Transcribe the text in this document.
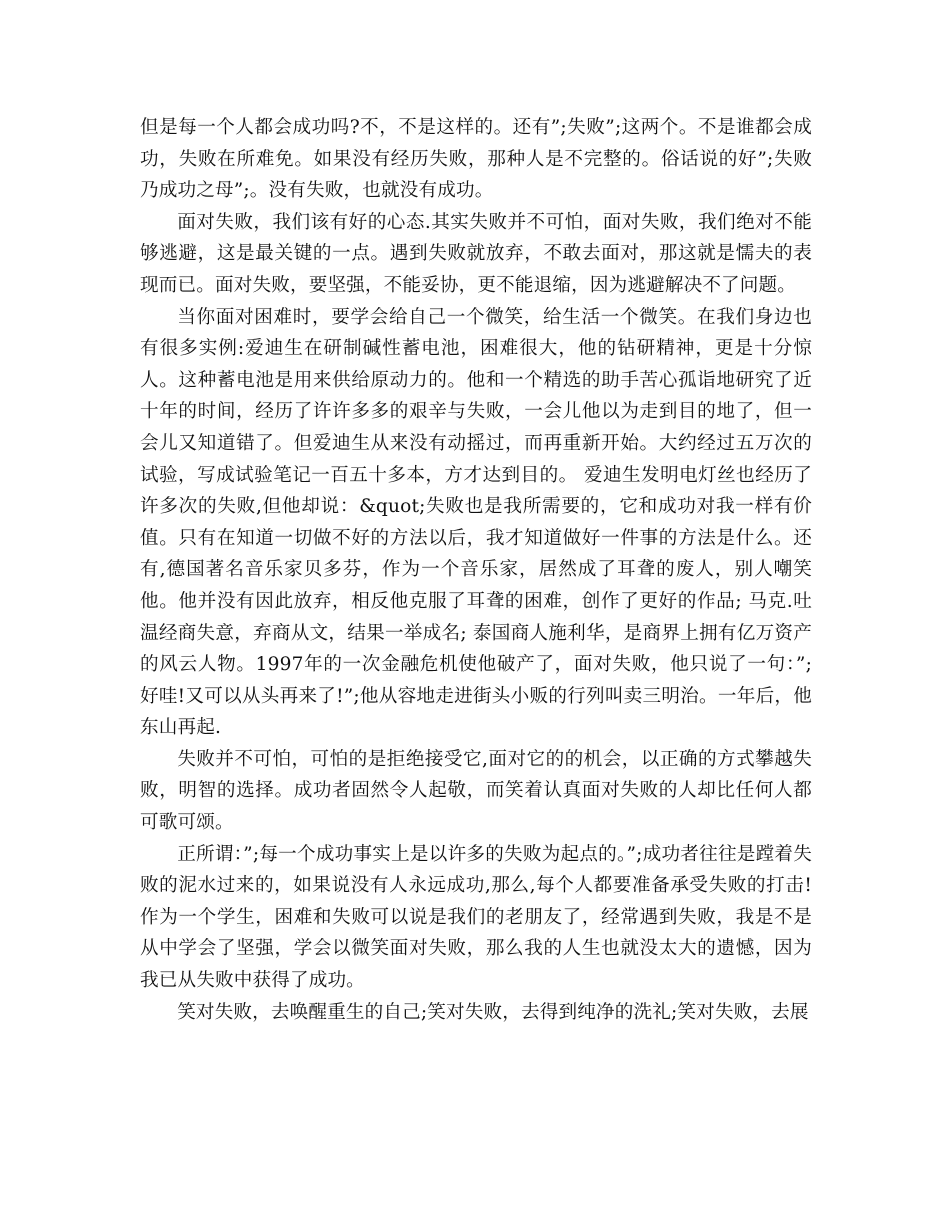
但是每一个人都会成功吗?不，不是这样的。还有”;失败”;这两个。不是谁都会成功，失败在所难免。如果没有经历失败，那种人是不完整的。俗话说的好”;失败乃成功之母”;。没有失败，也就没有成功。

面对失败，我们该有好的心态.其实失败并不可怕，面对失败，我们绝对不能够逃避，这是最关键的一点。遇到失败就放弃，不敢去面对，那这就是懦夫的表现而已。面对失败，要坚强，不能妥协，更不能退缩，因为逃避解决不了问题。

当你面对困难时，要学会给自己一个微笑，给生活一个微笑。在我们身边也有很多实例:爱迪生在研制碱性蓄电池，困难很大，他的钻研精神，更是十分惊人。这种蓄电池是用来供给原动力的。他和一个精选的助手苦心孤诣地研究了近十年的时间，经历了许许多多的艰辛与失败，一会儿他以为走到目的地了，但一会儿又知道错了。但爱迪生从来没有动摇过，而再重新开始。大约经过五万次的试验，写成试验笔记一百五十多本，方才达到目的。 爱迪生发明电灯丝也经历了许多次的失败,但他却说：&quot;失败也是我所需要的，它和成功对我一样有价值。只有在知道一切做不好的方法以后，我才知道做好一件事的方法是什么。还有,德国著名音乐家贝多芬，作为一个音乐家，居然成了耳聋的废人，别人嘲笑他。他并没有因此放弃，相反他克服了耳聋的困难，创作了更好的作品; 马克.吐温经商失意，弃商从文，结果一举成名; 泰国商人施利华，是商界上拥有亿万资产的风云人物。1997年的一次金融危机使他破产了，面对失败，他只说了一句：”;好哇!又可以从头再来了!”;他从容地走进街头小贩的行列叫卖三明治。一年后，他东山再起.

失败并不可怕，可怕的是拒绝接受它,面对它的的机会，以正确的方式攀越失败，明智的选择。成功者固然令人起敬，而笑着认真面对失败的人却比任何人都可歌可颂。

正所谓：”;每一个成功事实上是以许多的失败为起点的。”;成功者往往是蹚着失败的泥水过来的，如果说没有人永远成功,那么,每个人都要准备承受失败的打击!作为一个学生，困难和失败可以说是我们的老朋友了，经常遇到失败，我是不是从中学会了坚强，学会以微笑面对失败，那么我的人生也就没太大的遗憾，因为我已从失败中获得了成功。

笑对失败，去唤醒重生的自己;笑对失败，去得到纯净的洗礼;笑对失败，去展
